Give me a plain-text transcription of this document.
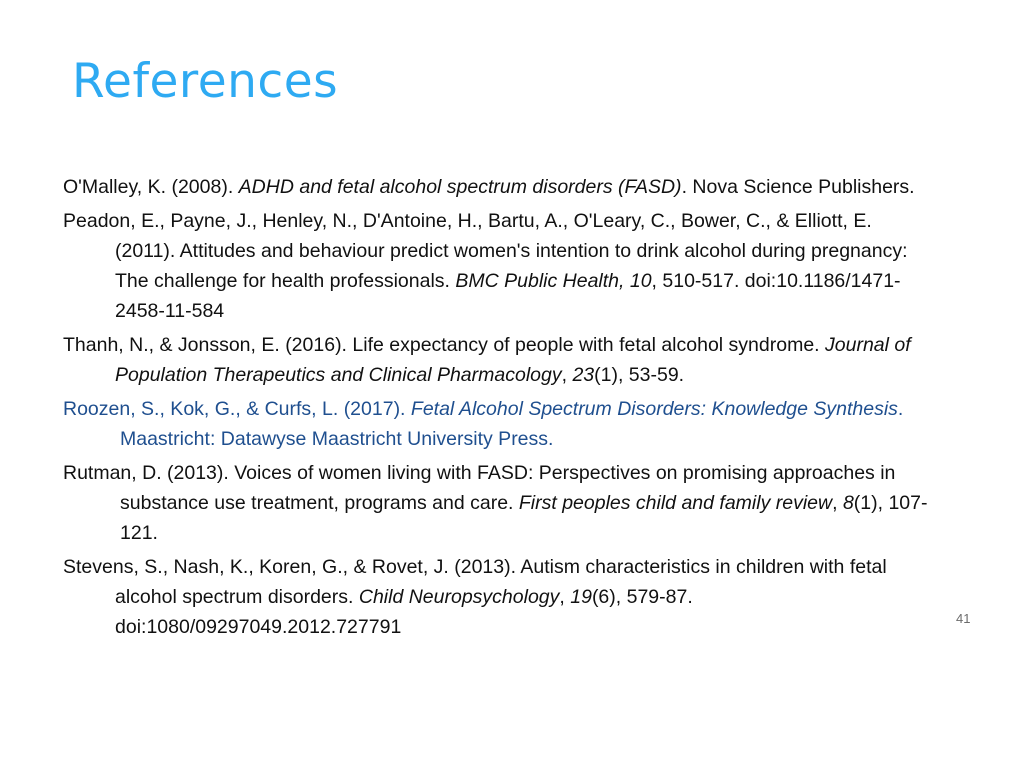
References
O'Malley, K. (2008). ADHD and fetal alcohol spectrum disorders (FASD). Nova Science Publishers.
Peadon, E., Payne, J., Henley, N., D'Antoine, H., Bartu, A., O'Leary, C., Bower, C., & Elliott, E. (2011). Attitudes and behaviour predict women's intention to drink alcohol during pregnancy: The challenge for health professionals. BMC Public Health, 10, 510-517. doi:10.1186/1471-2458-11-584
Thanh, N., & Jonsson, E. (2016). Life expectancy of people with fetal alcohol syndrome. Journal of Population Therapeutics and Clinical Pharmacology, 23(1), 53-59.
Roozen, S., Kok, G., & Curfs, L. (2017). Fetal Alcohol Spectrum Disorders: Knowledge Synthesis. Maastricht: Datawyse Maastricht University Press.
Rutman, D. (2013). Voices of women living with FASD: Perspectives on promising approaches in substance use treatment, programs and care. First peoples child and family review, 8(1), 107-121.
Stevens, S., Nash, K., Koren, G., & Rovet, J. (2013). Autism characteristics in children with fetal alcohol spectrum disorders. Child Neuropsychology, 19(6), 579-87. doi:1080/09297049.2012.727791	41
